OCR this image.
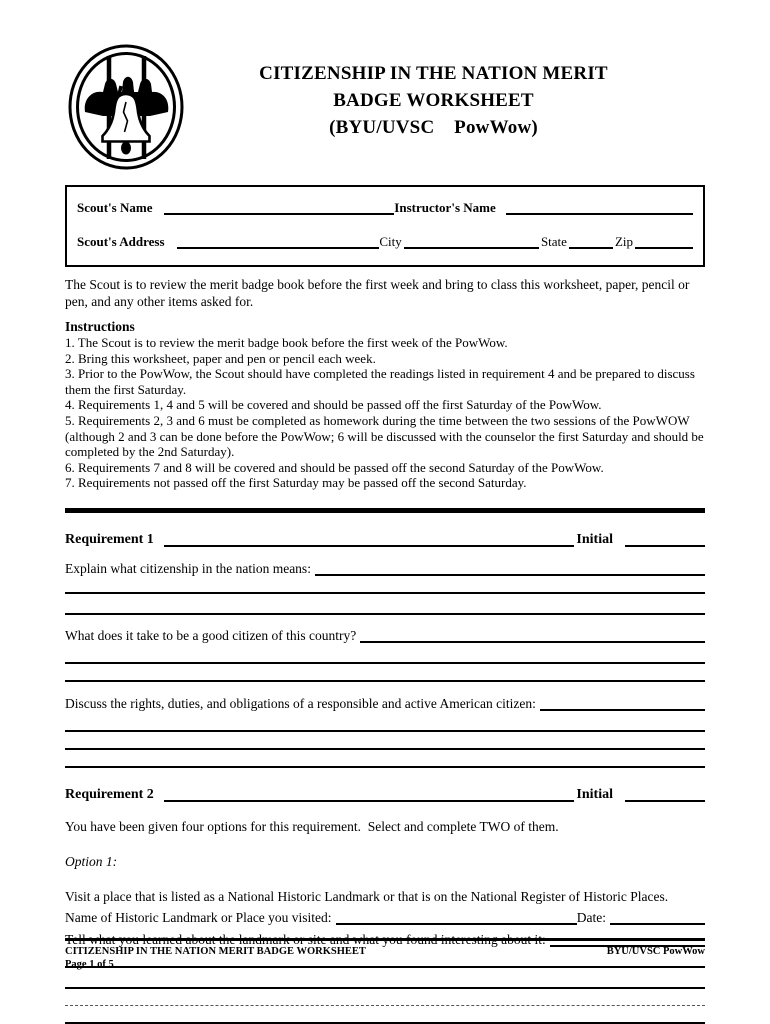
CITIZENSHIP IN THE NATION MERIT
BADGE WORKSHEET
(BYU/UVSC    PowWow)
Scout's Name	Instructor's Name
Scout's Address	City	State	Zip

The Scout is to review the merit badge book before the first week and bring to class this worksheet, paper, pencil or pen, and any other items asked for.

Instructions

1. The Scout is to review the merit badge book before the first week of the PowWow.

2. Bring this worksheet, paper and pen or pencil each week.

3. Prior to the PowWow, the Scout should have completed the readings listed in requirement 4 and be prepared to discuss them the first Saturday.

4. Requirements 1, 4 and 5 will be covered and should be passed off the first Saturday of the PowWow.

5. Requirements 2, 3 and 6 must be completed as homework during the time between the two sessions of the PowWOW (although 2 and 3 can be done before the PowWow; 6 will be discussed with the counselor the first Saturday and should be completed by the 2nd Saturday).

6. Requirements 7 and 8 will be covered and should be passed off the second Saturday of the PowWow.

7. Requirements not passed off the first Saturday may be passed off the second Saturday.

Requirement 1	Initial
Explain what citizenship in the nation means:
What does it take to be a good citizen of this country?
Discuss the rights, duties, and obligations of a responsible and active American citizen:
Requirement 2	Initial

You have been given four options for this requirement.  Select and complete TWO of them.

Option 1:

Visit a place that is listed as a National Historic Landmark or that is on the National Register of Historic Places.

Name of Historic Landmark or Place you visited:	Date:
CITIZENSHIP IN THE NATION MERIT BADGE WORKSHEET	BYU/UVSC PowWow
Page 1 of 5
